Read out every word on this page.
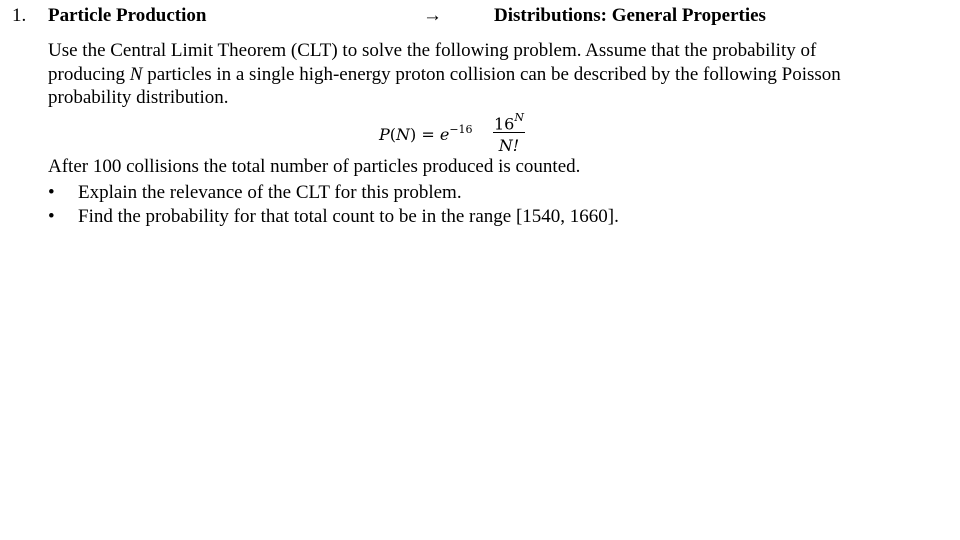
1. Particle Production	→	Distributions: General Properties
Use the Central Limit Theorem (CLT) to solve the following problem. Assume that the probability of producing N particles in a single high-energy proton collision can be described by the following Poisson probability distribution.
$P(N) = e^{-16} \frac{16^N}{N!}$
After 100 collisions the total number of particles produced is counted.
• Explain the relevance of the CLT for this problem.
• Find the probability for that total count to be in the range [1540, 1660].
